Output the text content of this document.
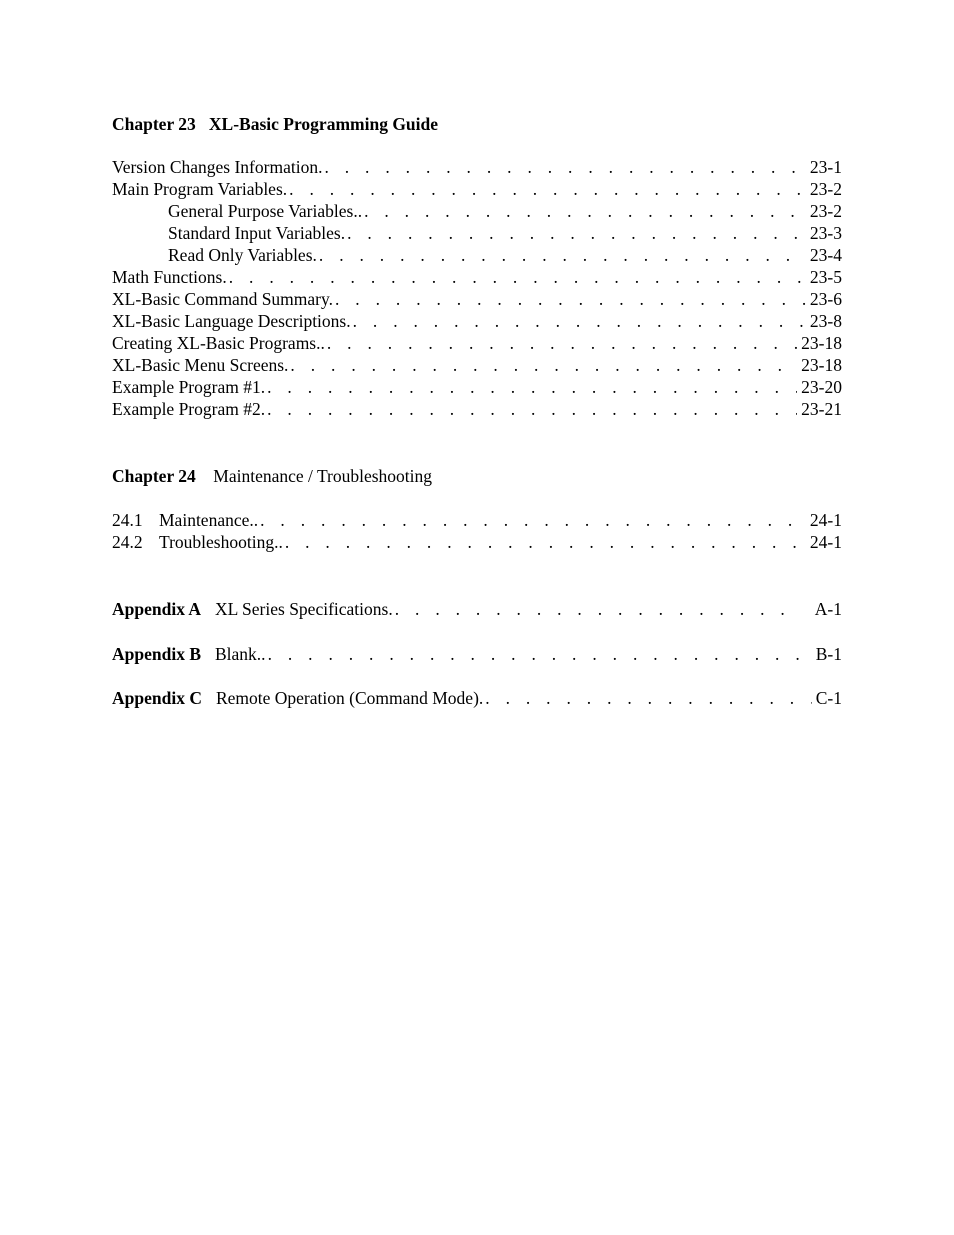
Chapter 23 XL-Basic Programming Guide
Version Changes Information. . . .	23-1
Main Program Variables. . . .	23-2
General Purpose Variables.. . . .	23-2
Standard Input Variables. . . .	23-3
Read Only Variables. . . .	23-4
Math Functions. . . .	23-5
XL-Basic Command Summary. . . .	23-6
XL-Basic Language Descriptions. . . .	23-8
Creating XL-Basic Programs.. . . .	23-18
XL-Basic Menu Screens. . . .	23-18
Example Program #1. . . .	23-20
Example Program #2. . . .	23-21
Chapter 24 Maintenance / Troubleshooting
24.1 Maintenance.. . . .	24-1
24.2 Troubleshooting.. . . .	24-1
Appendix A XL Series Specifications. . . .	A-1
Appendix B Blank.. . . .	B-1
Appendix C Remote Operation (Command Mode). . . .	C-1
